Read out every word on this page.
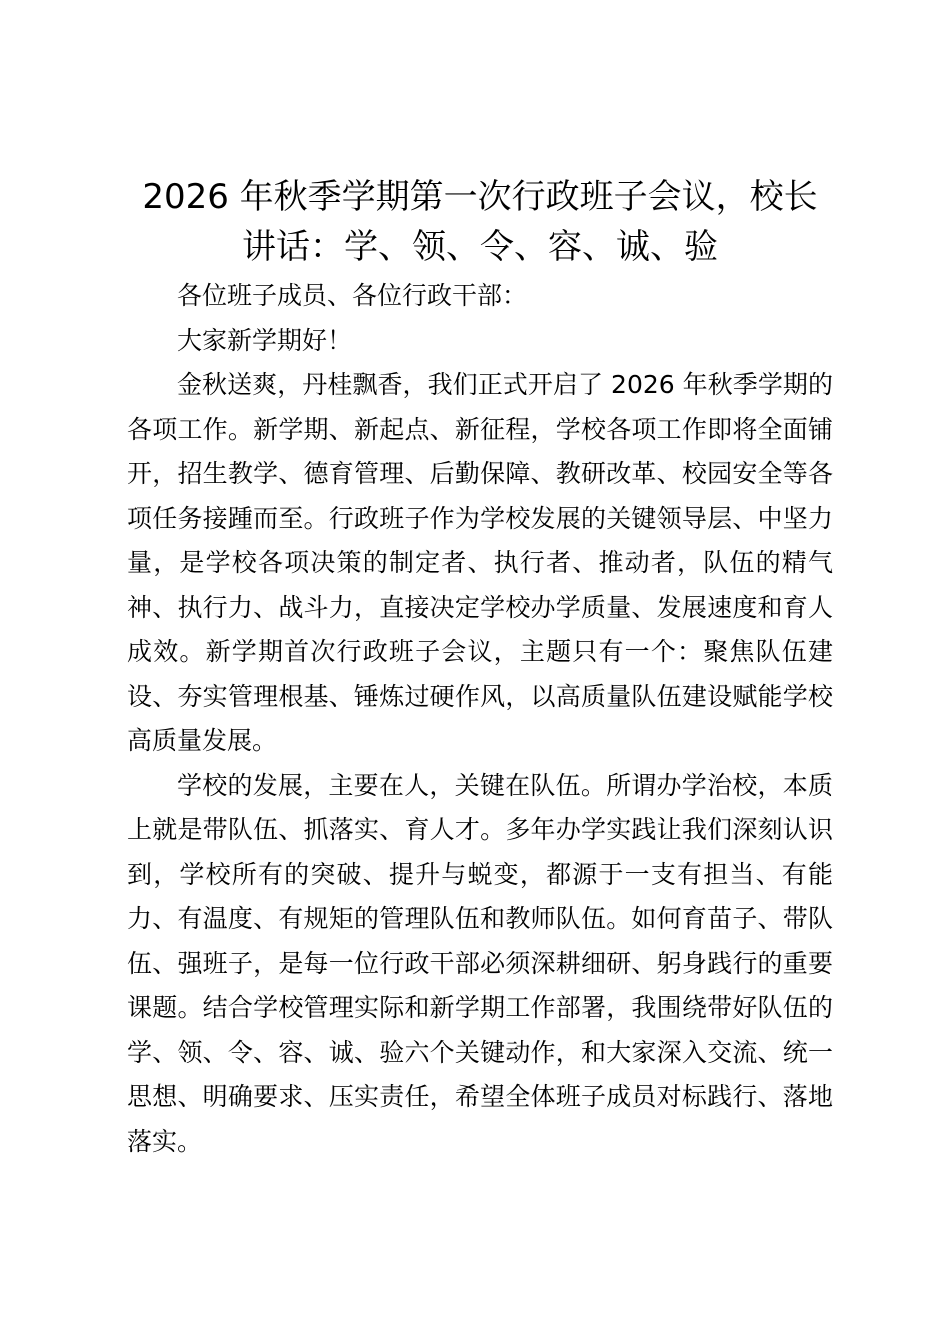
2026 年秋季学期第一次行政班子会议，校长讲话：学、领、令、容、诚、验

各位班子成员、各位行政干部：

大家新学期好！

金秋送爽，丹桂飘香，我们正式开启了 2026 年秋季学期的各项工作。新学期、新起点、新征程，学校各项工作即将全面铺开，招生教学、德育管理、后勤保障、教研改革、校园安全等各项任务接踵而至。行政班子作为学校发展的关键领导层、中坚力量，是学校各项决策的制定者、执行者、推动者，队伍的精气神、执行力、战斗力，直接决定学校办学质量、发展速度和育人成效。新学期首次行政班子会议，主题只有一个：聚焦队伍建设、夯实管理根基、锤炼过硬作风，以高质量队伍建设赋能学校高质量发展。

学校的发展，主要在人，关键在队伍。所谓办学治校，本质上就是带队伍、抓落实、育人才。多年办学实践让我们深刻认识到，学校所有的突破、提升与蜕变，都源于一支有担当、有能力、有温度、有规矩的管理队伍和教师队伍。如何育苗子、带队伍、强班子，是每一位行政干部必须深耕细研、躬身践行的重要课题。结合学校管理实际和新学期工作部署，我围绕带好队伍的学、领、令、容、诚、验六个关键动作，和大家深入交流、统一思想、明确要求、压实责任，希望全体班子成员对标践行、落地落实。
